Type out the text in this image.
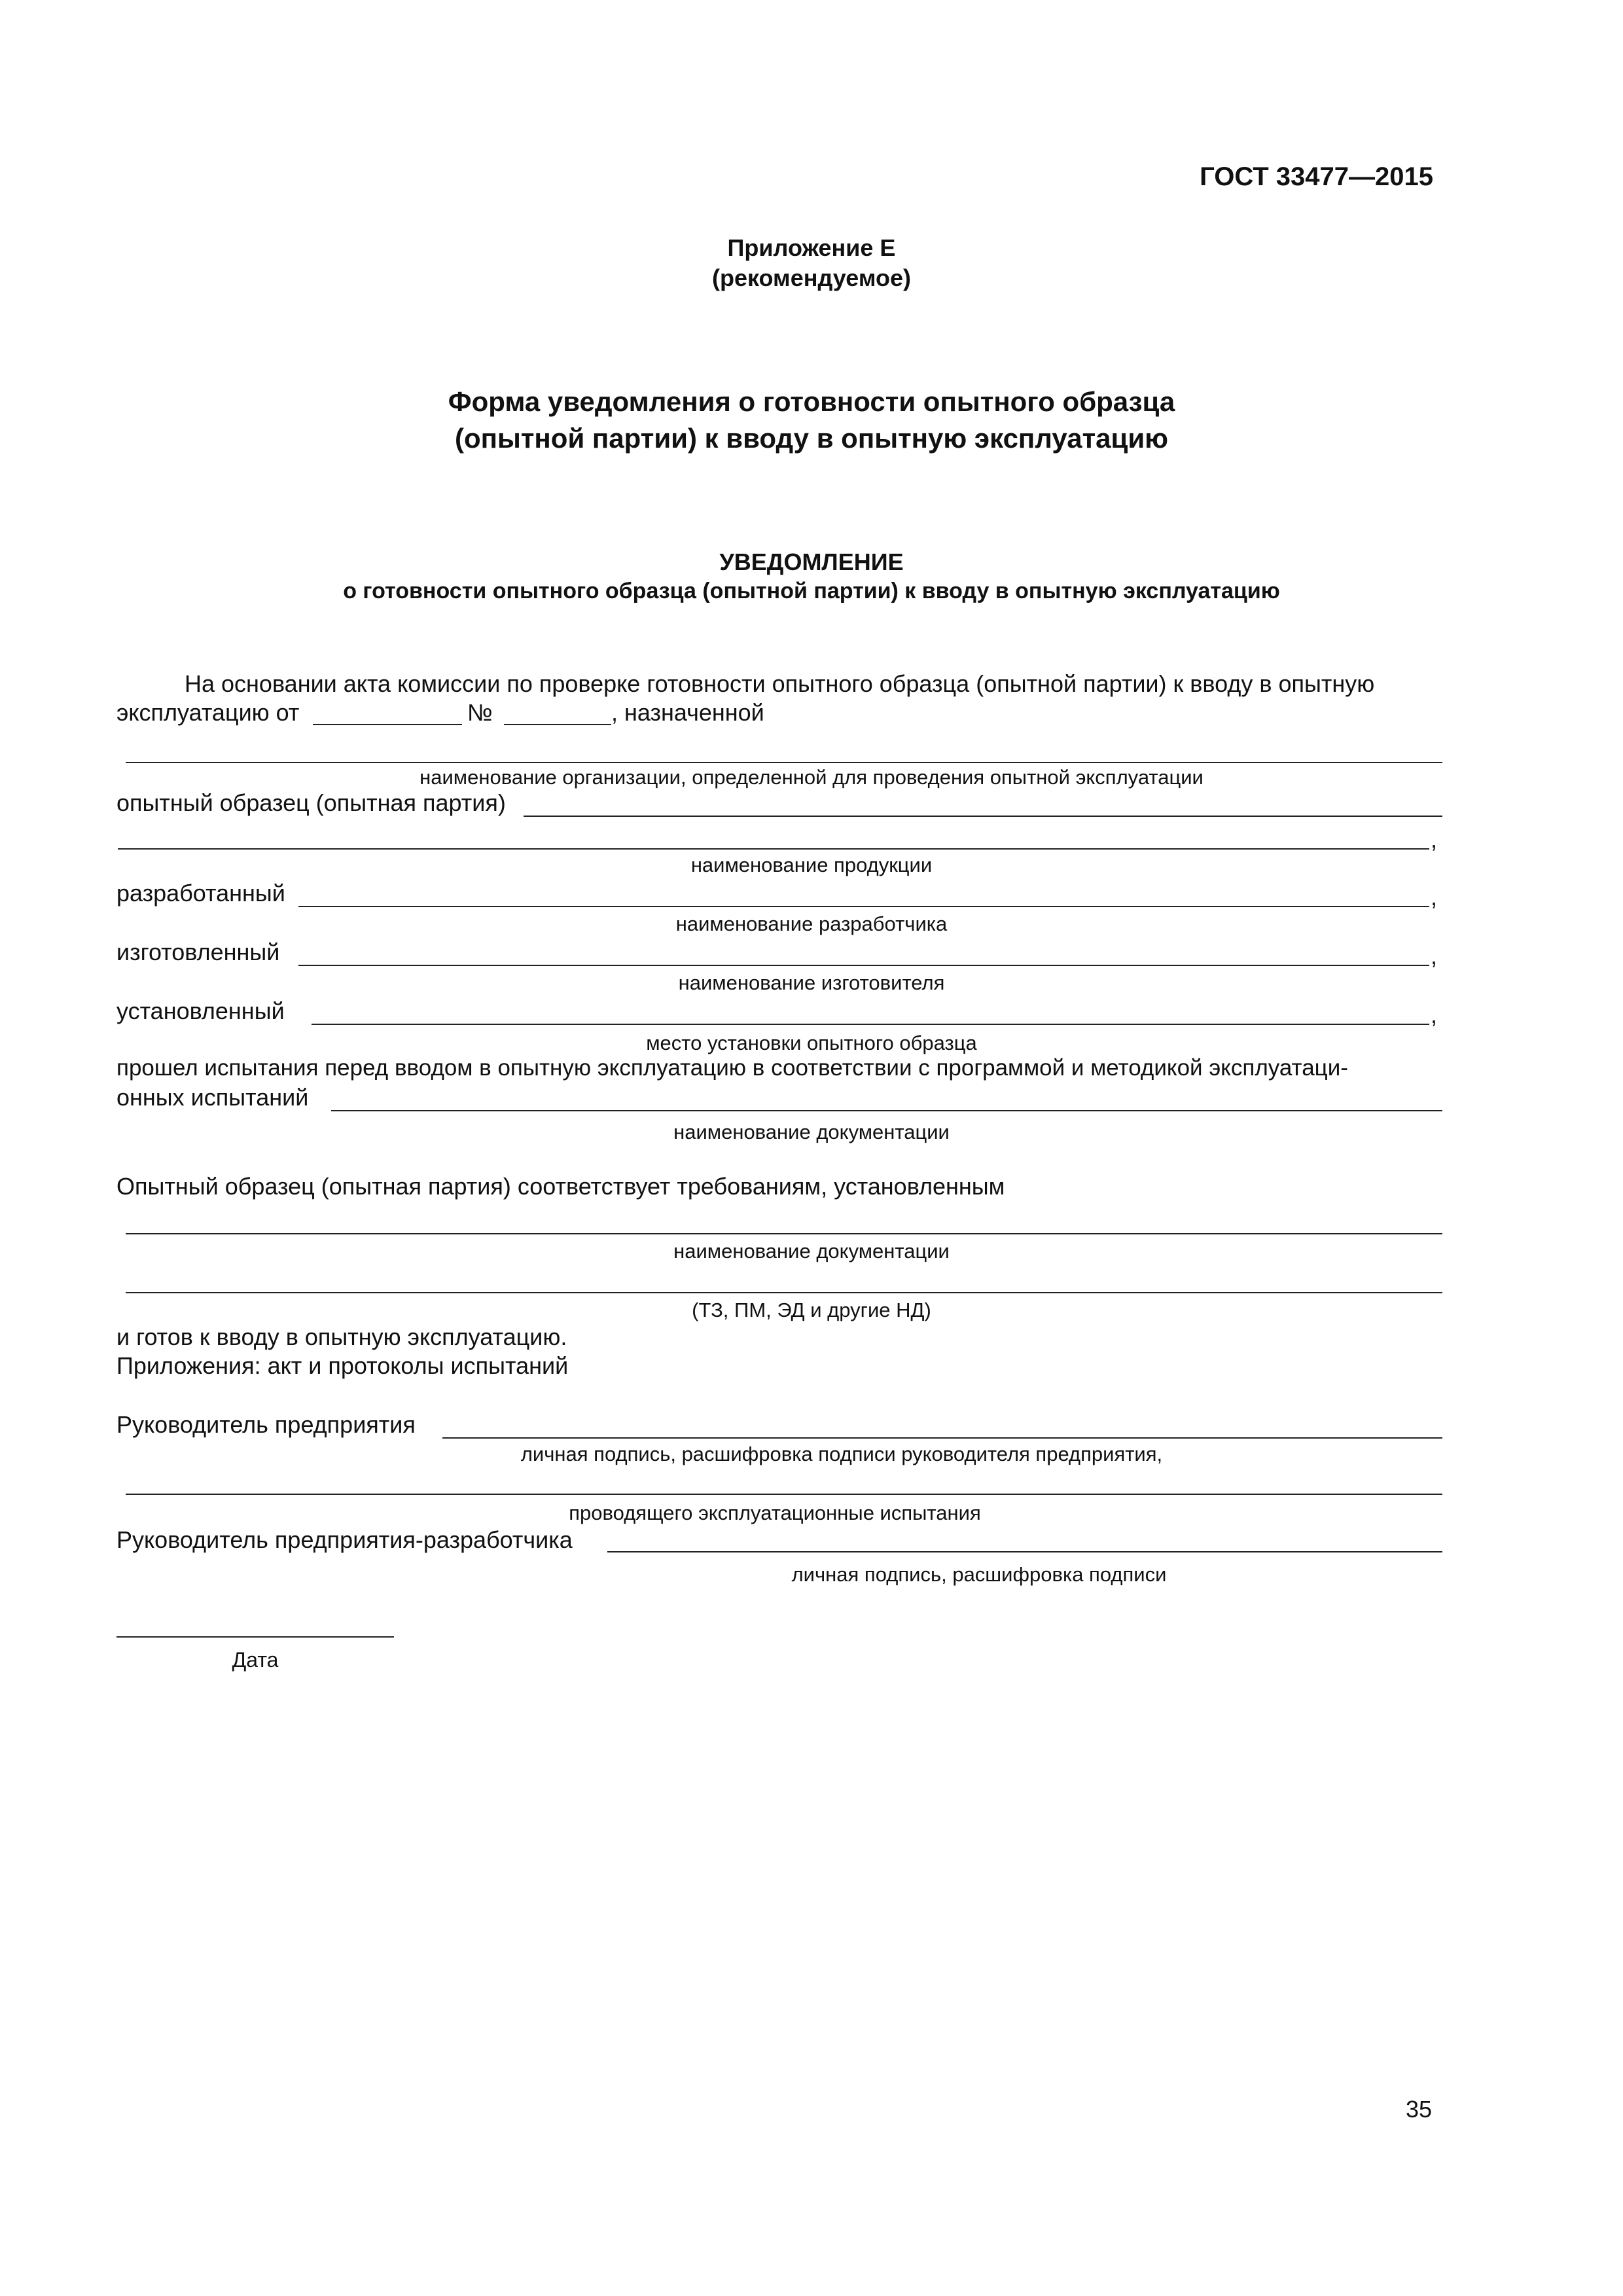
ГОСТ 33477—2015
Приложение Е
(рекомендуемое)
Форма уведомления о готовности опытного образца
(опытной партии) к вводу в опытную эксплуатацию
УВЕДОМЛЕНИЕ
о готовности опытного образца (опытной партии) к вводу в опытную эксплуатацию
На основании акта комиссии по проверке готовности опытного образца (опытной партии) к вводу в опытную
эксплуатацию от	№	, назначенной
наименование организации, определенной для проведения опытной эксплуатации
опытный образец (опытная партия)
,
наименование продукции
разработанный	,
наименование разработчика
изготовленный	,
наименование изготовителя
установленный	,
место установки опытного образца
прошел испытания перед вводом в опытную эксплуатацию в соответствии с программой и методикой эксплуатаци-
онных испытаний
наименование документации
Опытный образец (опытная партия) соответствует требованиям, установленным
наименование документации
(ТЗ, ПМ, ЭД и другие НД)
и готов к вводу в опытную эксплуатацию.
Приложения: акт и протоколы испытаний
Руководитель предприятия
личная подпись, расшифровка подписи руководителя предприятия,
проводящего эксплуатационные испытания
Руководитель предприятия-разработчика
личная подпись, расшифровка подписи
Дата
35
